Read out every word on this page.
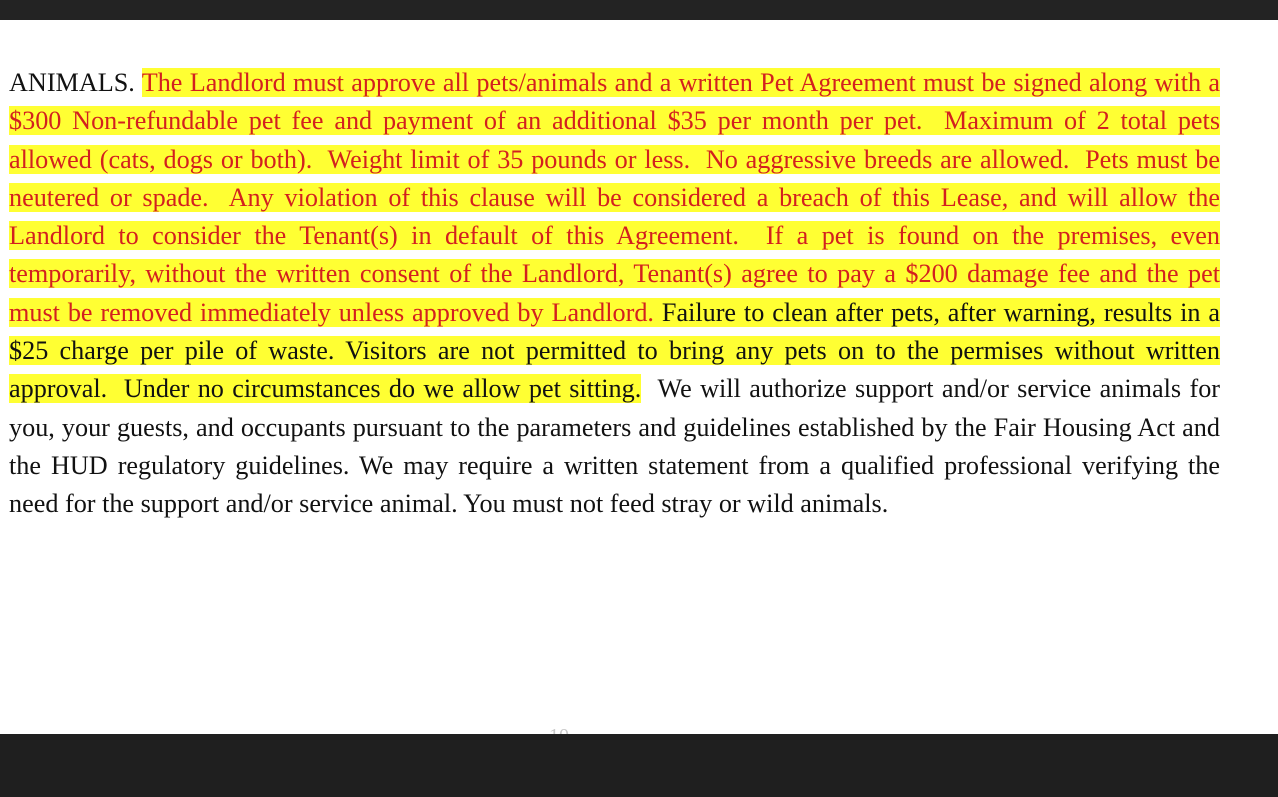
ANIMALS. The Landlord must approve all pets/animals and a written Pet Agreement must be signed along with a $300 Non-refundable pet fee and payment of an additional $35 per month per pet. Maximum of 2 total pets allowed (cats, dogs or both). Weight limit of 35 pounds or less. No aggressive breeds are allowed. Pets must be neutered or spade. Any violation of this clause will be considered a breach of this Lease, and will allow the Landlord to consider the Tenant(s) in default of this Agreement. If a pet is found on the premises, even temporarily, without the written consent of the Landlord, Tenant(s) agree to pay a $200 damage fee and the pet must be removed immediately unless approved by Landlord. Failure to clean after pets, after warning, results in a $25 charge per pile of waste. Visitors are not permitted to bring any pets on to the permises without written approval. Under no circumstances do we allow pet sitting. We will authorize support and/or service animals for you, your guests, and occupants pursuant to the parameters and guidelines established by the Fair Housing Act and the HUD regulatory guidelines. We may require a written statement from a qualified professional verifying the need for the support and/or service animal. You must not feed stray or wild animals.
